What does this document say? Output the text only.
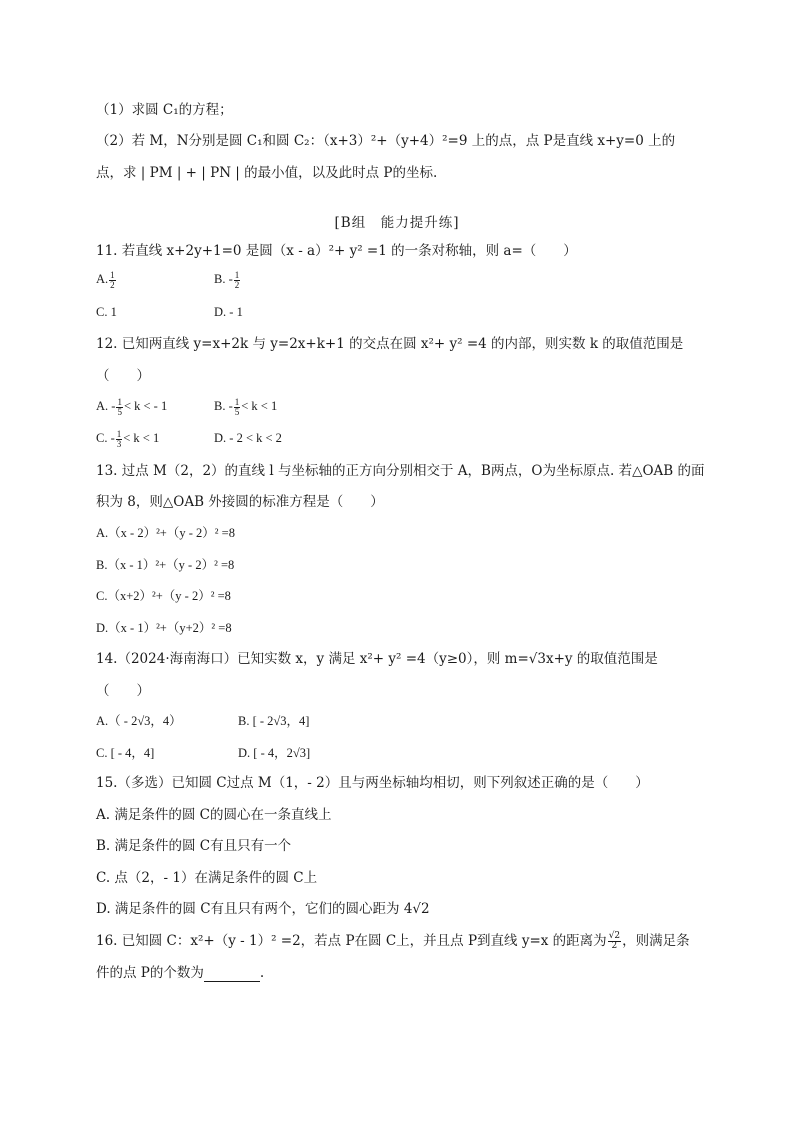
（1）求圆 C₁的方程；
（2）若 M，N分别是圆 C₁和圆 C₂：（x+3）²+（y+4）²=9 上的点，点 P是直线 x+y=0 上的
点，求 | PM | + | PN | 的最小值，以及此时点 P的坐标.
[B组　能力提升练]
11. 若直线 x+2y+1=0 是圆（x - a）²+ y² =1 的一条对称轴，则 a=（　　）
A. $\frac{1}{2}$	B. - $\frac{1}{2}$
C. 1	D. - 1
12. 已知两直线 y=x+2k 与 y=2x+k+1 的交点在圆 x²+ y² =4 的内部，则实数 k 的取值范围是
（　　）
A. - $\frac{1}{5} < k$ < - 1	B. - $\frac{1}{5} < k < 1$
C. - $\frac{1}{3} < k < 1$	D. - 2 < k < 2
13. 过点 M（2，2）的直线 l 与坐标轴的正方向分别相交于 A，B两点，O为坐标原点. 若△OAB 的面
积为 8，则△OAB 外接圆的标准方程是（　　）
A.（x - 2）²+（y - 2）² =8
B.（x - 1）²+（y - 2）² =8
C.（x+2）²+（y - 2）² =8
D.（x - 1）²+（y+2）² =8
14.（2024·海南海口）已知实数 x，y 满足 x²+ y² =4（y≥0），则 m=√3x+y 的取值范围是
（　　）
A.（ - 2√3，4）	B. [ - 2√3，4]
C. [ - 4，4]	D. [ - 4，2√3]
15.（多选）已知圆 C过点 M（1，- 2）且与两坐标轴均相切，则下列叙述正确的是（　　）
A. 满足条件的圆 C的圆心在一条直线上
B. 满足条件的圆 C有且只有一个
C. 点（2，- 1）在满足条件的圆 C上
D. 满足条件的圆 C有且只有两个，它们的圆心距为 4√2
16. 已知圆 C：x²+（y - 1）² =2，若点 P在圆 C上，并且点 P到直线 y=x 的距离为 $\frac{√2}{2}$ ，则满足条
件的点 P的个数为	.
